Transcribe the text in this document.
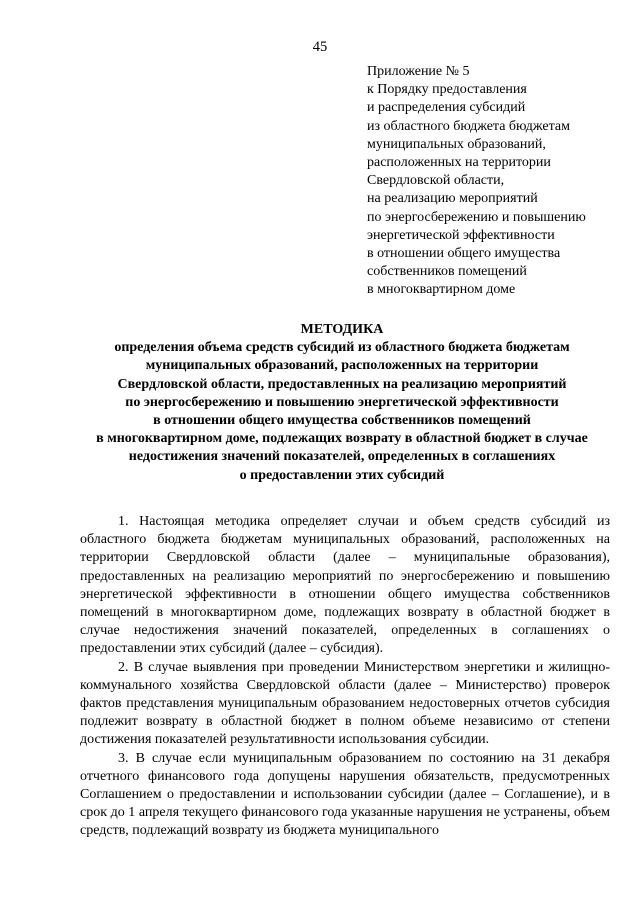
45
Приложение № 5
к Порядку предоставления
и распределения субсидий
из областного бюджета бюджетам
муниципальных образований,
расположенных на территории
Свердловской области,
на реализацию мероприятий
по энергосбережению и повышению
энергетической эффективности
в отношении общего имущества
собственников помещений
в многоквартирном доме
МЕТОДИКА
определения объема средств субсидий из областного бюджета бюджетам
муниципальных образований, расположенных на территории
Свердловской области, предоставленных на реализацию мероприятий
по энергосбережению и повышению энергетической эффективности
в отношении общего имущества собственников помещений
в многоквартирном доме, подлежащих возврату в областной бюджет в случае
недостижения значений показателей, определенных в соглашениях
о предоставлении этих субсидий

1. Настоящая методика определяет случаи и объем средств субсидий из областного бюджета бюджетам муниципальных образований, расположенных на территории Свердловской области (далее – муниципальные образования), предоставленных на реализацию мероприятий по энергосбережению и повышению энергетической эффективности в отношении общего имущества собственников помещений в многоквартирном доме, подлежащих возврату в областной бюджет в случае недостижения значений показателей, определенных в соглашениях о предоставлении этих субсидий (далее – субсидия).

2. В случае выявления при проведении Министерством энергетики и жилищно-коммунального хозяйства Свердловской области (далее – Министерство) проверок фактов представления муниципальным образованием недостоверных отчетов субсидия подлежит возврату в областной бюджет в полном объеме независимо от степени достижения показателей результативности использования субсидии.

3. В случае если муниципальным образованием по состоянию на 31 декабря отчетного финансового года допущены нарушения обязательств, предусмотренных Соглашением о предоставлении и использовании субсидии (далее – Соглашение), и в срок до 1 апреля текущего финансового года указанные нарушения не устранены, объем средств, подлежащий возврату из бюджета муниципального
